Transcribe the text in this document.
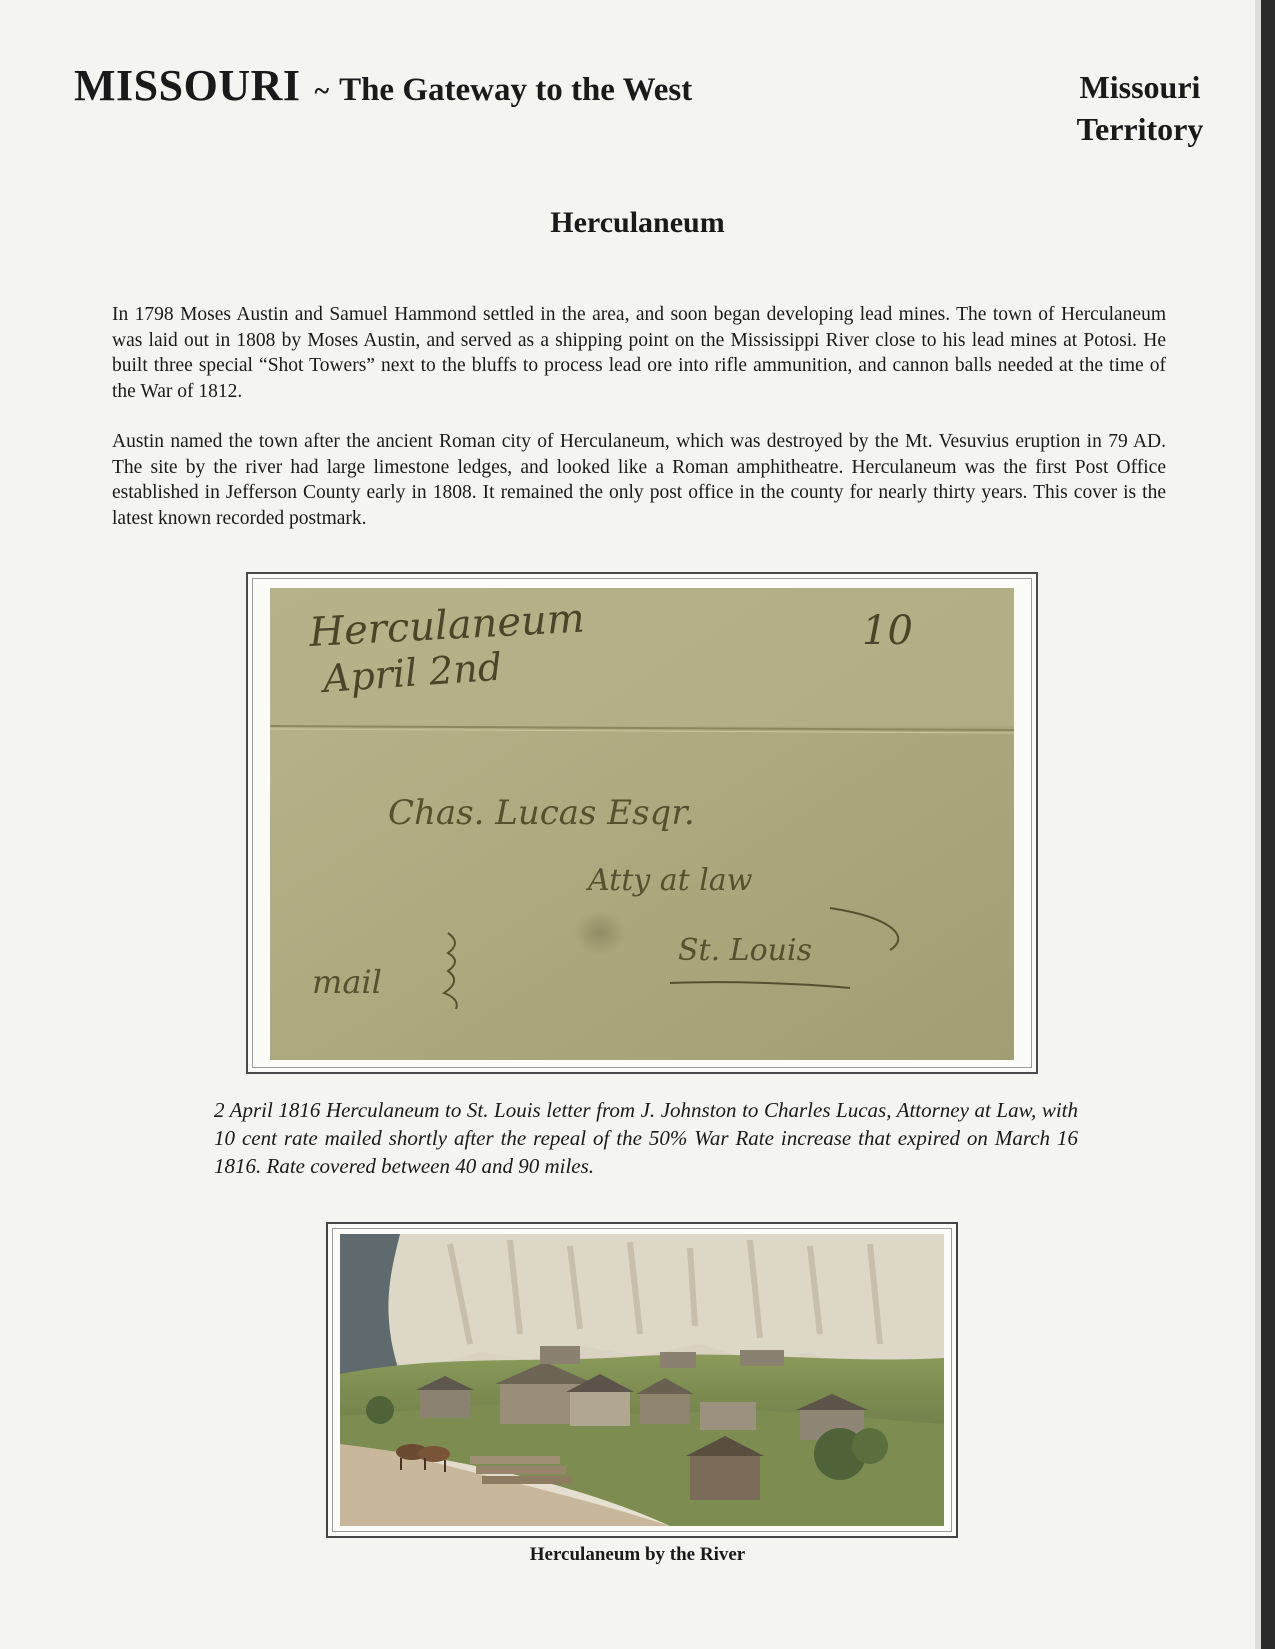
MISSOURI ~ The Gateway to the West	Missouri
Territory
Herculaneum

In 1798 Moses Austin and Samuel Hammond settled in the area, and soon began developing lead mines. The town of Herculaneum was laid out in 1808 by Moses Austin, and served as a shipping point on the Mississippi River close to his lead mines at Potosi. He built three special “Shot Towers” next to the bluffs to process lead ore into rifle ammunition, and cannon balls needed at the time of the War of 1812.

Austin named the town after the ancient Roman city of Herculaneum, which was destroyed by the Mt. Vesuvius eruption in 79 AD. The site by the river had large limestone ledges, and looked like a Roman amphitheatre. Herculaneum was the first Post Office established in Jefferson County early in 1808. It remained the only post office in the county for nearly thirty years. This cover is the latest known recorded postmark.

Herculaneum
April 2nd
10
Chas. Lucas Esqr.
Atty at law
St. Louis
mail

2 April 1816 Herculaneum to St. Louis letter from J. Johnston to Charles Lucas, Attorney at Law, with 10 cent rate mailed shortly after the repeal of the 50% War Rate increase that expired on March 16 1816. Rate covered between 40 and 90 miles.

Herculaneum by the River
